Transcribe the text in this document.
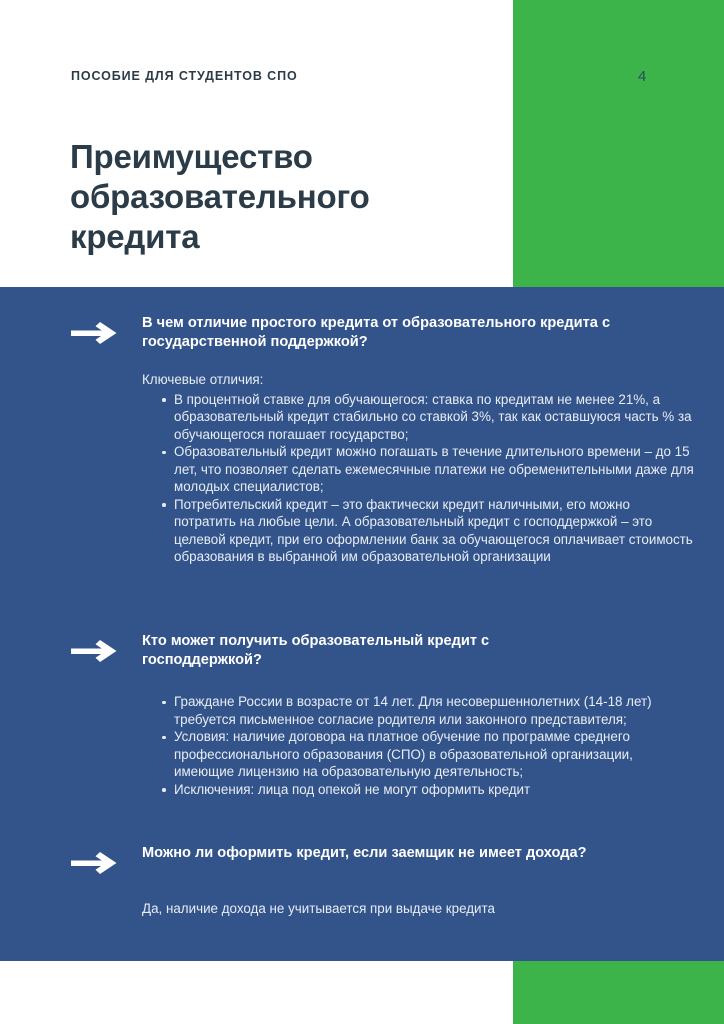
ПОСОБИЕ ДЛЯ СТУДЕНТОВ СПО	4
Преимущество образовательного кредита
В чем отличие простого кредита от образовательного кредита с государственной поддержкой?

Ключевые отличия:

В процентной ставке для обучающегося: ставка по кредитам не менее 21%, а образовательный кредит стабильно со ставкой 3%, так как оставшуюся часть % за обучающегося погашает государство;
Образовательный кредит можно погашать в течение длительного времени – до 15 лет, что позволяет сделать ежемесячные платежи не обременительными даже для молодых специалистов;
Потребительский кредит – это фактически кредит наличными, его можно потратить на любые цели. А образовательный кредит с господдержкой – это целевой кредит, при его оформлении банк за обучающегося оплачивает стоимость образования в выбранной им образовательной организации
Кто может получить образовательный кредит с господдержкой?
Граждане России в возрасте от 14 лет. Для несовершеннолетних (14-18 лет) требуется письменное согласие родителя или законного представителя;
Условия: наличие договора на платное обучение по программе среднего профессионального образования (СПО) в образовательной организации, имеющие лицензию на образовательную деятельность;
Исключения: лица под опекой не могут оформить кредит
Можно ли оформить кредит, если заемщик не имеет дохода?

Да, наличие дохода не учитывается при выдаче кредита
